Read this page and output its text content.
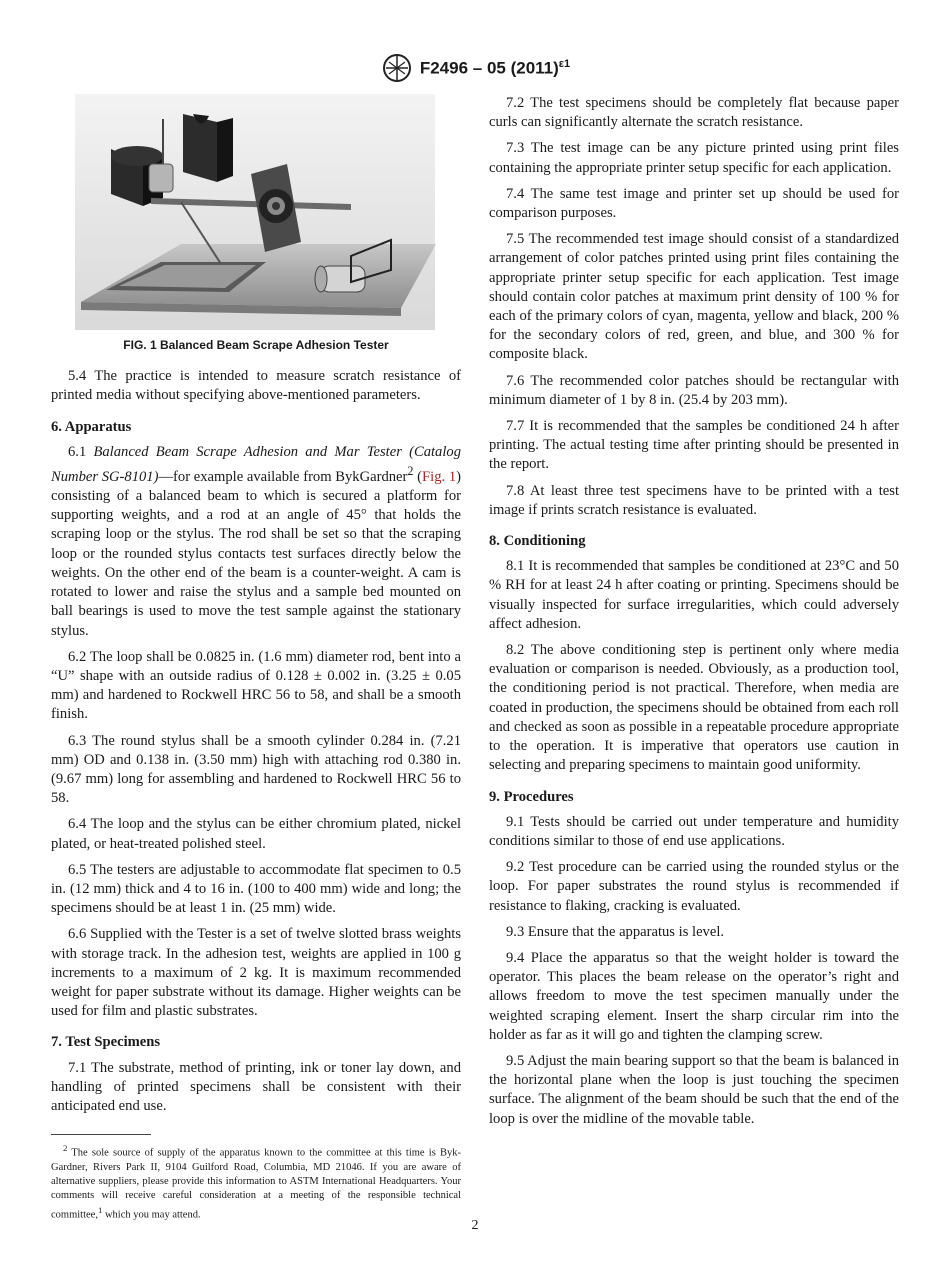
F2496 – 05 $(2011)^{\varepsilon 1}$

FIG. 1 Balanced Beam Scrape Adhesion Tester

5.4 The practice is intended to measure scratch resistance of printed media without specifying above-mentioned parameters.

6. Apparatus

6.1 Balanced Beam Scrape Adhesion and Mar Tester (Catalog Number SG-8101)—for example available from BykGardner$^2$ (Fig. 1) consisting of a balanced beam to which is secured a platform for supporting weights, and a rod at an angle of 45° that holds the scraping loop or the stylus. The rod shall be set so that the scraping loop or the rounded stylus contacts test surfaces directly below the weights. On the other end of the beam is a counter-weight. A cam is rotated to lower and raise the stylus and a sample bed mounted on ball bearings is used to move the test sample against the stationary stylus.

6.2 The loop shall be 0.0825 in. (1.6 mm) diameter rod, bent into a “U” shape with an outside radius of 0.128 ± 0.002 in. (3.25 ± 0.05 mm) and hardened to Rockwell HRC 56 to 58, and shall be a smooth finish.

6.3 The round stylus shall be a smooth cylinder 0.284 in. (7.21 mm) OD and 0.138 in. (3.50 mm) high with attaching rod 0.380 in. (9.67 mm) long for assembling and hardened to Rockwell HRC 56 to 58.

6.4 The loop and the stylus can be either chromium plated, nickel plated, or heat-treated polished steel.

6.5 The testers are adjustable to accommodate flat specimen to 0.5 in. (12 mm) thick and 4 to 16 in. (100 to 400 mm) wide and long; the specimens should be at least 1 in. (25 mm) wide.

6.6 Supplied with the Tester is a set of twelve slotted brass weights with storage track. In the adhesion test, weights are applied in 100 g increments to a maximum of 2 kg. It is maximum recommended weight for paper substrate without its damage. Higher weights can be used for film and plastic substrates.

7. Test Specimens

7.1 The substrate, method of printing, ink or toner lay down, and handling of printed specimens shall be consistent with their anticipated end use.

$^2$ The sole source of supply of the apparatus known to the committee at this time is Byk-Gardner, Rivers Park II, 9104 Guilford Road, Columbia, MD 21046. If you are aware of alternative suppliers, please provide this information to ASTM International Headquarters. Your comments will receive careful consideration at a meeting of the responsible technical committee,$^1$ which you may attend.

7.2 The test specimens should be completely flat because paper curls can significantly alternate the scratch resistance.

7.3 The test image can be any picture printed using print files containing the appropriate printer setup specific for each application.

7.4 The same test image and printer set up should be used for comparison purposes.

7.5 The recommended test image should consist of a standardized arrangement of color patches printed using print files containing the appropriate printer setup specific for each application. Test image should contain color patches at maximum print density of 100 % for each of the primary colors of cyan, magenta, yellow and black, 200 % for the secondary colors of red, green, and blue, and 300 % for composite black.

7.6 The recommended color patches should be rectangular with minimum diameter of 1 by 8 in. (25.4 by 203 mm).

7.7 It is recommended that the samples be conditioned 24 h after printing. The actual testing time after printing should be presented in the report.

7.8 At least three test specimens have to be printed with a test image if prints scratch resistance is evaluated.

8. Conditioning

8.1 It is recommended that samples be conditioned at 23°C and 50 % RH for at least 24 h after coating or printing. Specimens should be visually inspected for surface irregularities, which could adversely affect adhesion.

8.2 The above conditioning step is pertinent only where media evaluation or comparison is needed. Obviously, as a production tool, the conditioning period is not practical. Therefore, when media are coated in production, the specimens should be obtained from each roll and checked as soon as possible in a repeatable procedure appropriate to the operation. It is imperative that operators use caution in selecting and preparing specimens to maintain good uniformity.

9. Procedures

9.1 Tests should be carried out under temperature and humidity conditions similar to those of end use applications.

9.2 Test procedure can be carried using the rounded stylus or the loop. For paper substrates the round stylus is recommended if resistance to flaking, cracking is evaluated.

9.3 Ensure that the apparatus is level.

9.4 Place the apparatus so that the weight holder is toward the operator. This places the beam release on the operator’s right and allows freedom to move the test specimen manually under the weighted scraping element. Insert the sharp circular rim into the holder as far as it will go and tighten the clamping screw.

9.5 Adjust the main bearing support so that the beam is balanced in the horizontal plane when the loop is just touching the specimen surface. The alignment of the beam should be such that the end of the loop is over the midline of the movable table.

2
